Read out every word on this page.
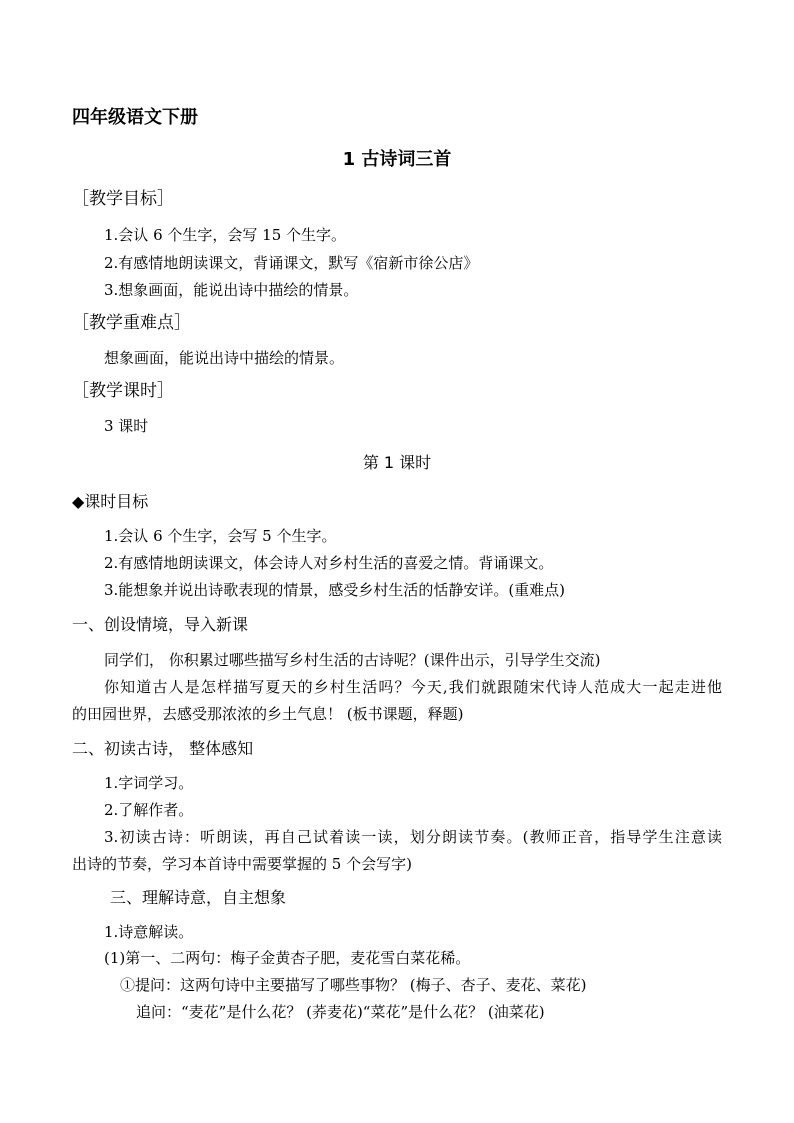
四年级语文下册
1 古诗词三首
［教学目标］
1.会认 6 个生字，会写 15 个生字。
2.有感情地朗读课文，背诵课文，默写《宿新市徐公店》
3.想象画面，能说出诗中描绘的情景。
［教学重难点］
想象画面，能说出诗中描绘的情景。
［教学课时］
3 课时
第 1 课时
◆课时目标
1.会认 6 个生字，会写 5 个生字。
2.有感情地朗读课文，体会诗人对乡村生活的喜爱之情。背诵课文。
3.能想象并说出诗歌表现的情景，感受乡村生活的恬静安详。(重难点)
一、创设情境，导入新课
同学们， 你积累过哪些描写乡村生活的古诗呢？(课件出示，引导学生交流)
你知道古人是怎样描写夏天的乡村生活吗？今天,我们就跟随宋代诗人范成大一起走进他
的田园世界，去感受那浓浓的乡土气息！ (板书课题，释题)
二、初读古诗， 整体感知
1.字词学习。
2.了解作者。
3.初读古诗：听朗读，再自己试着读一读，划分朗读节奏。(教师正音，指导学生注意读
出诗的节奏，学习本首诗中需要掌握的 5 个会写字)
三、理解诗意，自主想象
1.诗意解读。
(1)第一、二两句：梅子金黄杏子肥，麦花雪白菜花稀。
①提问：这两句诗中主要描写了哪些事物？ (梅子、杏子、麦花、菜花)
追问：“麦花”是什么花？ (荞麦花)“菜花”是什么花？ (油菜花)
